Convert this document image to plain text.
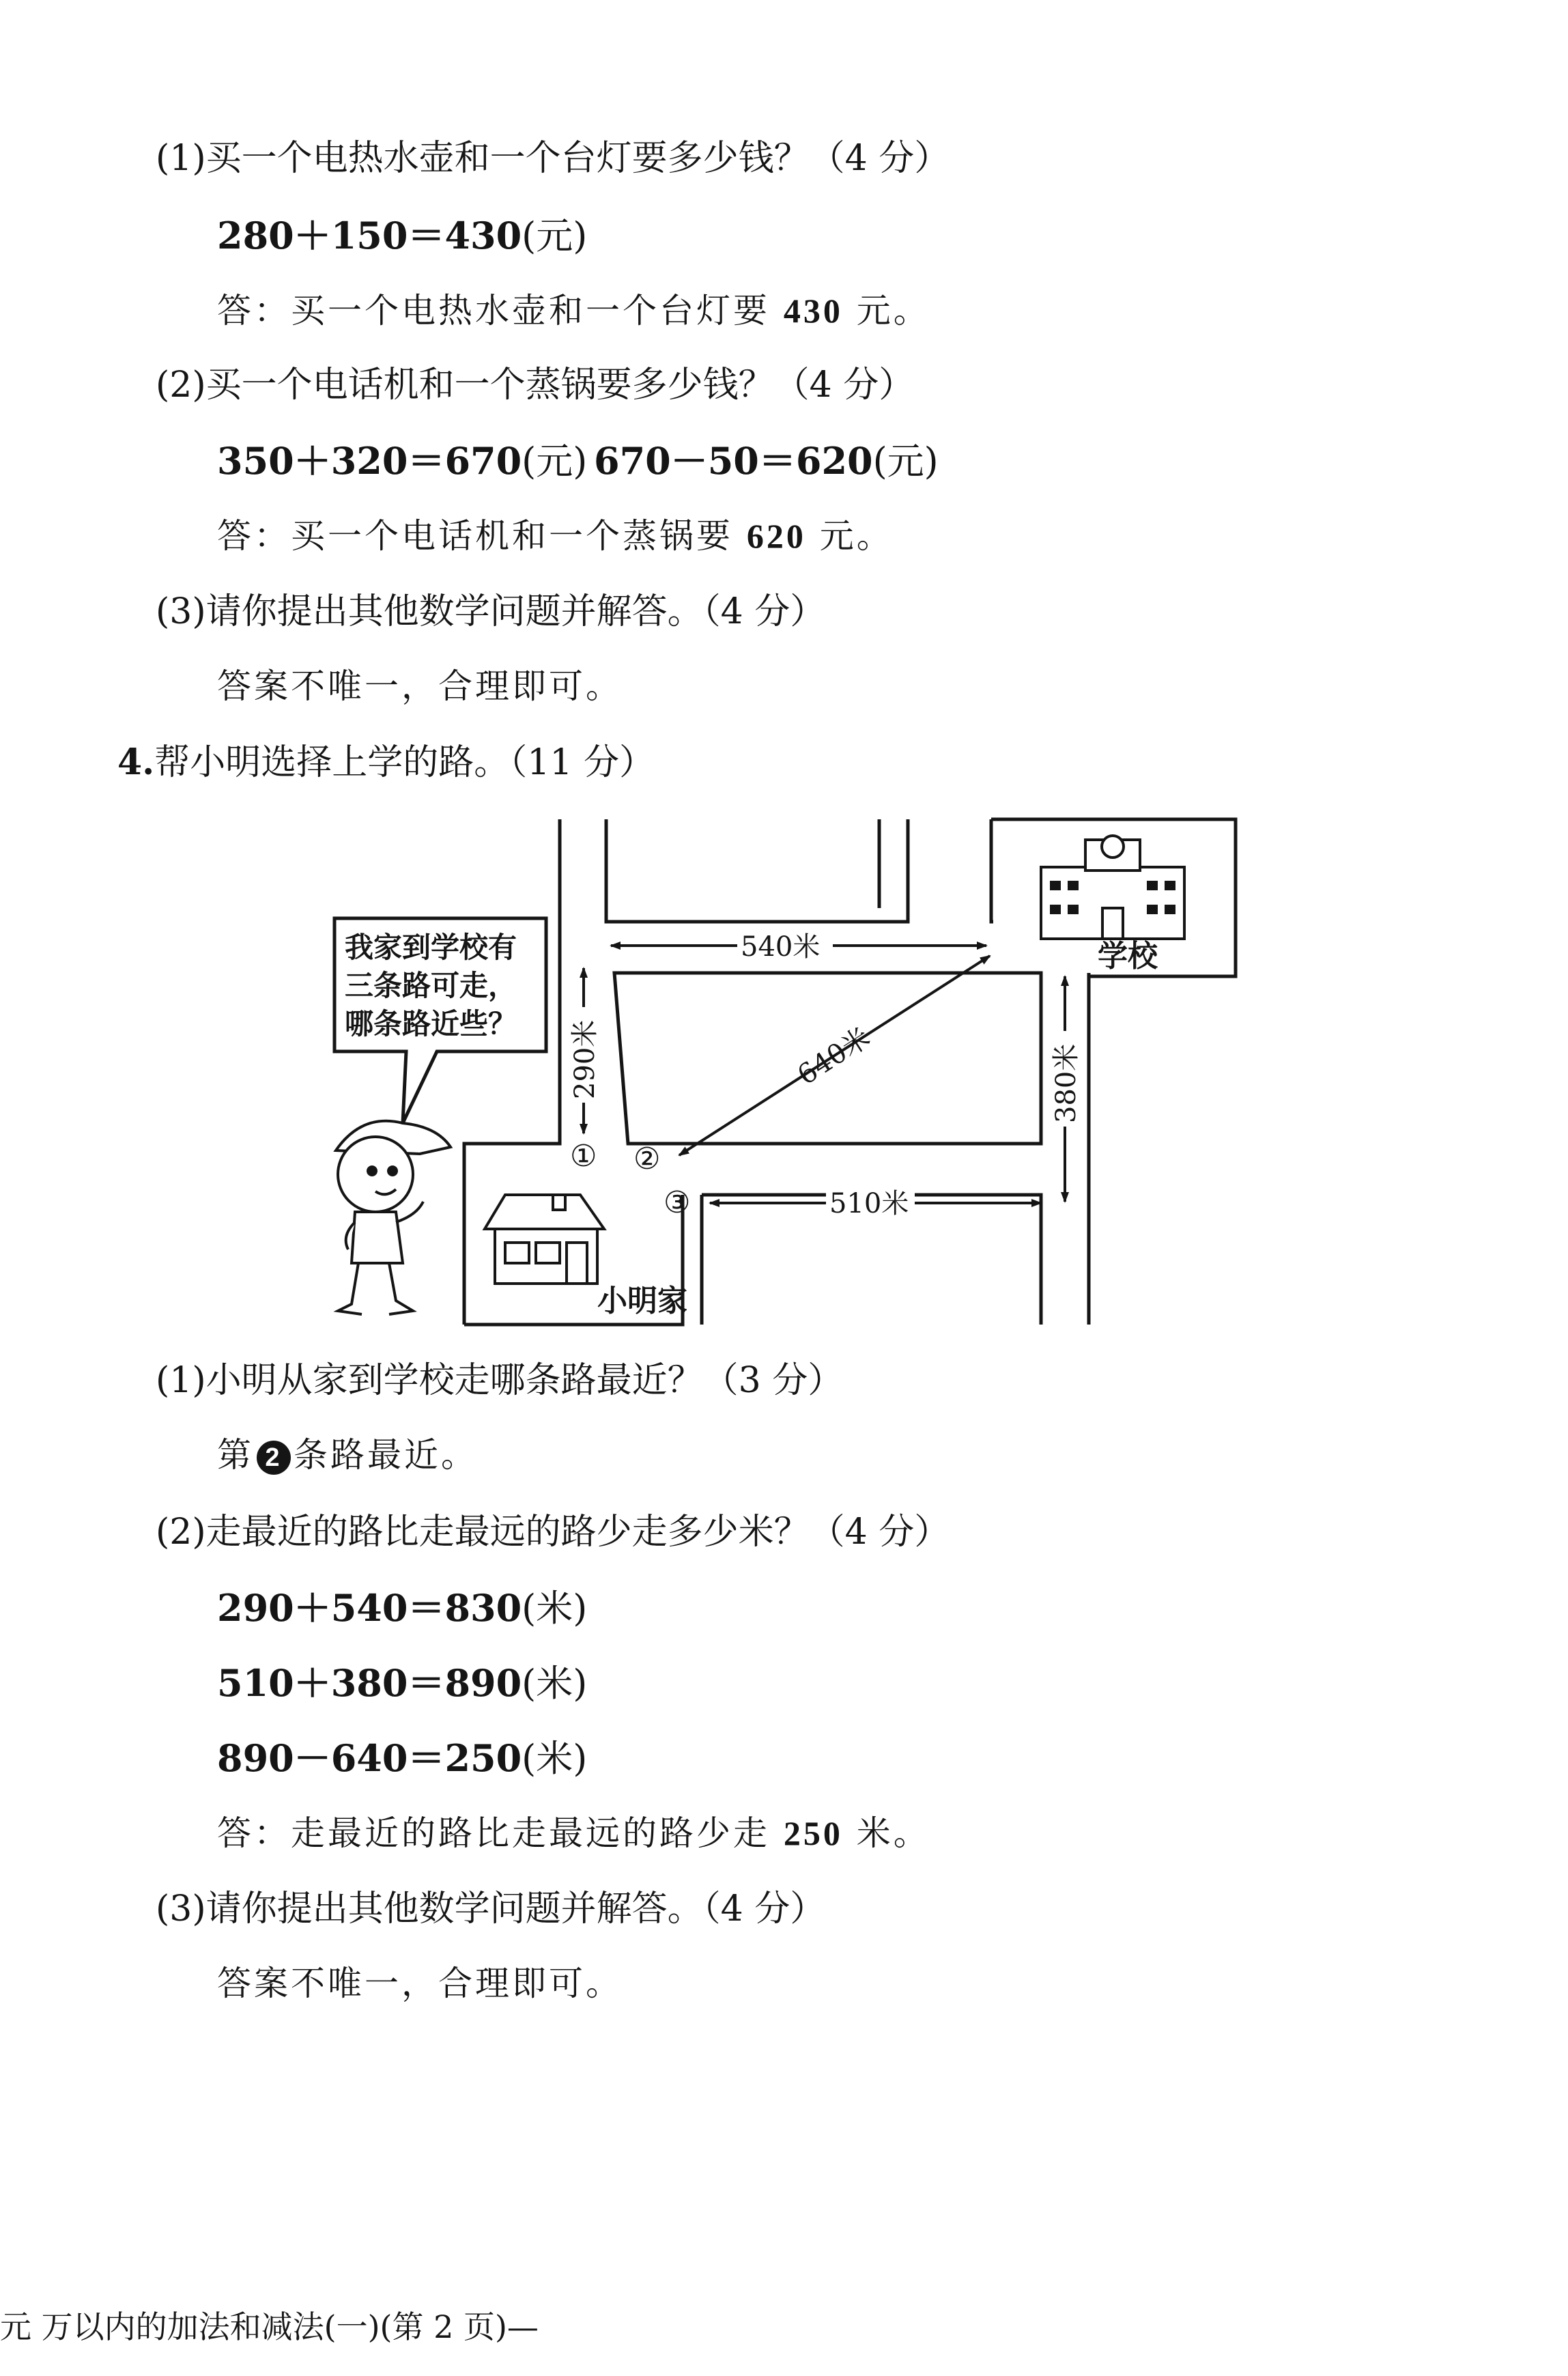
(1)买一个电热水壶和一个台灯要多少钱？（4 分）
280＋150＝430(元)
答：买一个电热水壶和一个台灯要 430 元。
(2)买一个电话机和一个蒸锅要多少钱？（4 分）
350＋320＝670(元) 670－50＝620(元)
答：买一个电话机和一个蒸锅要 620 元。
(3)请你提出其他数学问题并解答。（4 分）
答案不唯一，合理即可。
4.帮小明选择上学的路。（11 分）
学校
小明家
540米
290米	640米	380米
510米
① ②
③
我家到学校有
三条路可走，
哪条路近些？
(1)小明从家到学校走哪条路最近？（3 分）
第 2 条路最近。
(2)走最近的路比走最远的路少走多少米？（4 分）
290＋540＝830(米)
510＋380＝890(米)
890－640＝250(米)
答：走最近的路比走最远的路少走 250 米。
(3)请你提出其他数学问题并解答。（4 分）
答案不唯一，合理即可。
元 万以内的加法和减法(一)(第 2 页)—
